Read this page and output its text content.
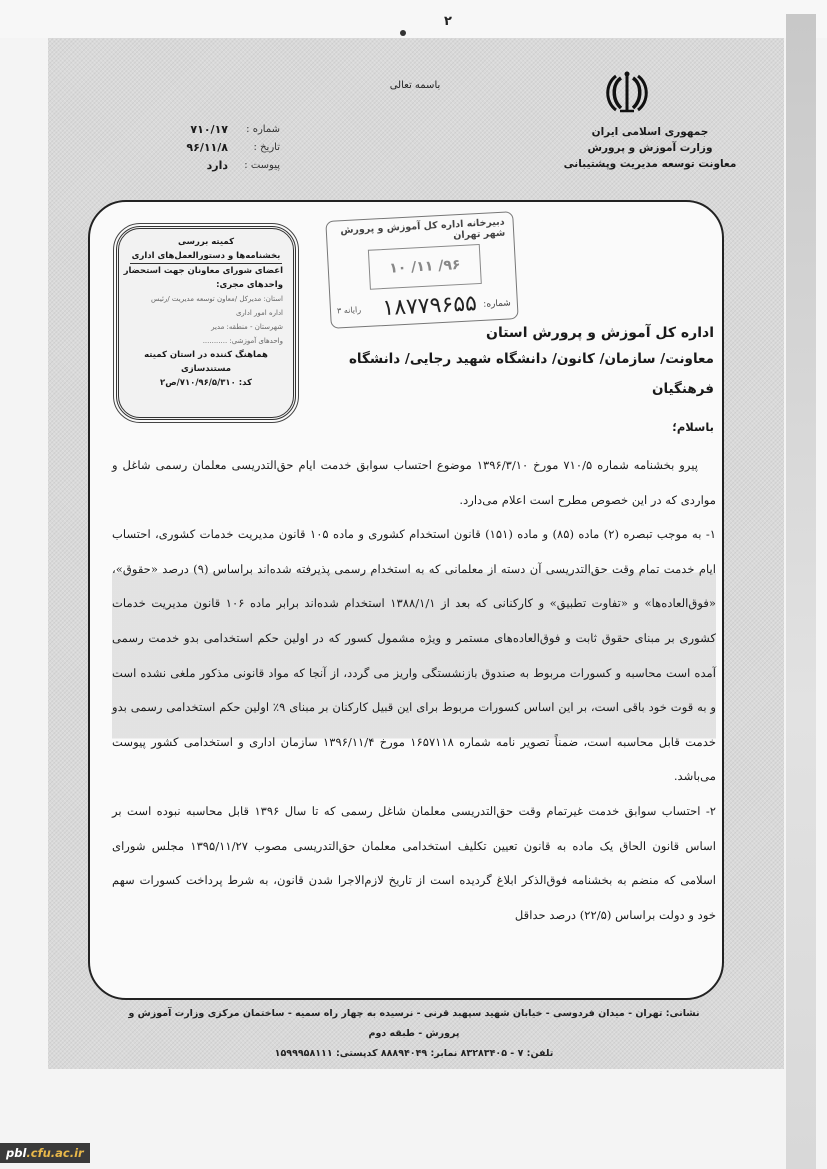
۲
جمهوری اسلامی ایران
وزارت آموزش و پرورش
معاونت توسعه مدیریت وپشتیبانی
باسمه تعالی
شماره :
۷۱۰/۱۷
تاریخ :
۹۶/۱۱/۸
پیوست :
دارد
کمیته بررسی
بخشنامه‌ها و دستورالعمل‌های اداری
اعضای شورای معاونان جهت استحضار
واحدهای مجری:
استان: مدیرکل /معاون توسعه مدیریت /رئیس
اداره امور اداری
شهرستان - منطقه: مدیر
واحدهای آموزشی: ...........
هماهنگ کننده در استان کمیته مستندسازی
کد: ۷۱۰/۹۶/۵/۳۱۰/ص۲
دبیرخانه اداره کل آموزش و پرورش شهر تهران
۹۶/ ۱۱/ ۱۰
شماره:
۱۸۷۷۹۶۵۵
رایانه ۳
اداره کل آموزش و پرورش استان
معاونت/ سازمان/ کانون/ دانشگاه شهید رجایی/ دانشگاه فرهنگیان
باسلام؛

پیرو بخشنامه شماره ۷۱۰/۵ مورخ ۱۳۹۶/۳/۱۰ موضوع احتساب سوابق خدمت ایام حق‌التدریسی معلمان رسمی شاغل و مواردی که در این خصوص مطرح است اعلام می‌دارد.

۱- به موجب تبصره (۲) ماده (۸۵) و ماده (۱۵۱) قانون استخدام کشوری و ماده ۱۰۵ قانون مدیریت خدمات کشوری، احتساب ایام خدمت تمام وقت حق‌التدریسی آن دسته از معلمانی که به استخدام رسمی پذیرفته شده‌اند براساس (۹) درصد «حقوق»، «فوق‌العاده‌ها» و «تفاوت تطبیق» و کارکنانی که بعد از ۱۳۸۸/۱/۱ استخدام شده‌اند برابر ماده ۱۰۶ قانون مدیریت خدمات کشوری بر مبنای حقوق ثابت و فوق‌العاده‌های مستمر و ویژه مشمول کسور که در اولین حکم استخدامی بدو خدمت رسمی آمده است محاسبه و کسورات مربوط به صندوق بازنشستگی واریز می گردد، از آنجا که مواد قانونی مذکور ملغی نشده است و به قوت خود باقی است، بر این اساس کسورات مربوط برای این قبیل کارکنان بر مبنای ۹٪ اولین حکم استخدامی رسمی بدو خدمت قابل محاسبه است، ضمناً تصویر نامه شماره ۱۶۵۷۱۱۸ مورخ ۱۳۹۶/۱۱/۴ سازمان اداری و استخدامی کشور پیوست می‌باشد.

۲- احتساب سوابق خدمت غیرتمام وقت حق‌التدریسی معلمان شاغل رسمی که تا سال ۱۳۹۶ قابل محاسبه نبوده است بر اساس قانون الحاق یک ماده به قانون تعیین تکلیف استخدامی معلمان حق‌التدریسی مصوب ۱۳۹۵/۱۱/۲۷ مجلس شورای اسلامی که منضم به بخشنامه فوق‌الذکر ابلاغ گردیده است از تاریخ لازم‌الاجرا شدن قانون، به شرط پرداخت کسورات سهم خود و دولت براساس (۲۲/۵) درصد حداقل

نشانی: تهران - میدان فردوسی - خیابان شهید سپهبد قرنی - نرسیده به چهار راه سمیه - ساختمان مرکزی وزارت آموزش و پرورش - طبقه دوم
تلفن: ۷ - ۸۳۲۸۳۴۰۵ نمابر: ۸۸۸۹۴۰۴۹ کدپستی: ۱۵۹۹۹۵۸۱۱۱
pbl.cfu.ac.ir
